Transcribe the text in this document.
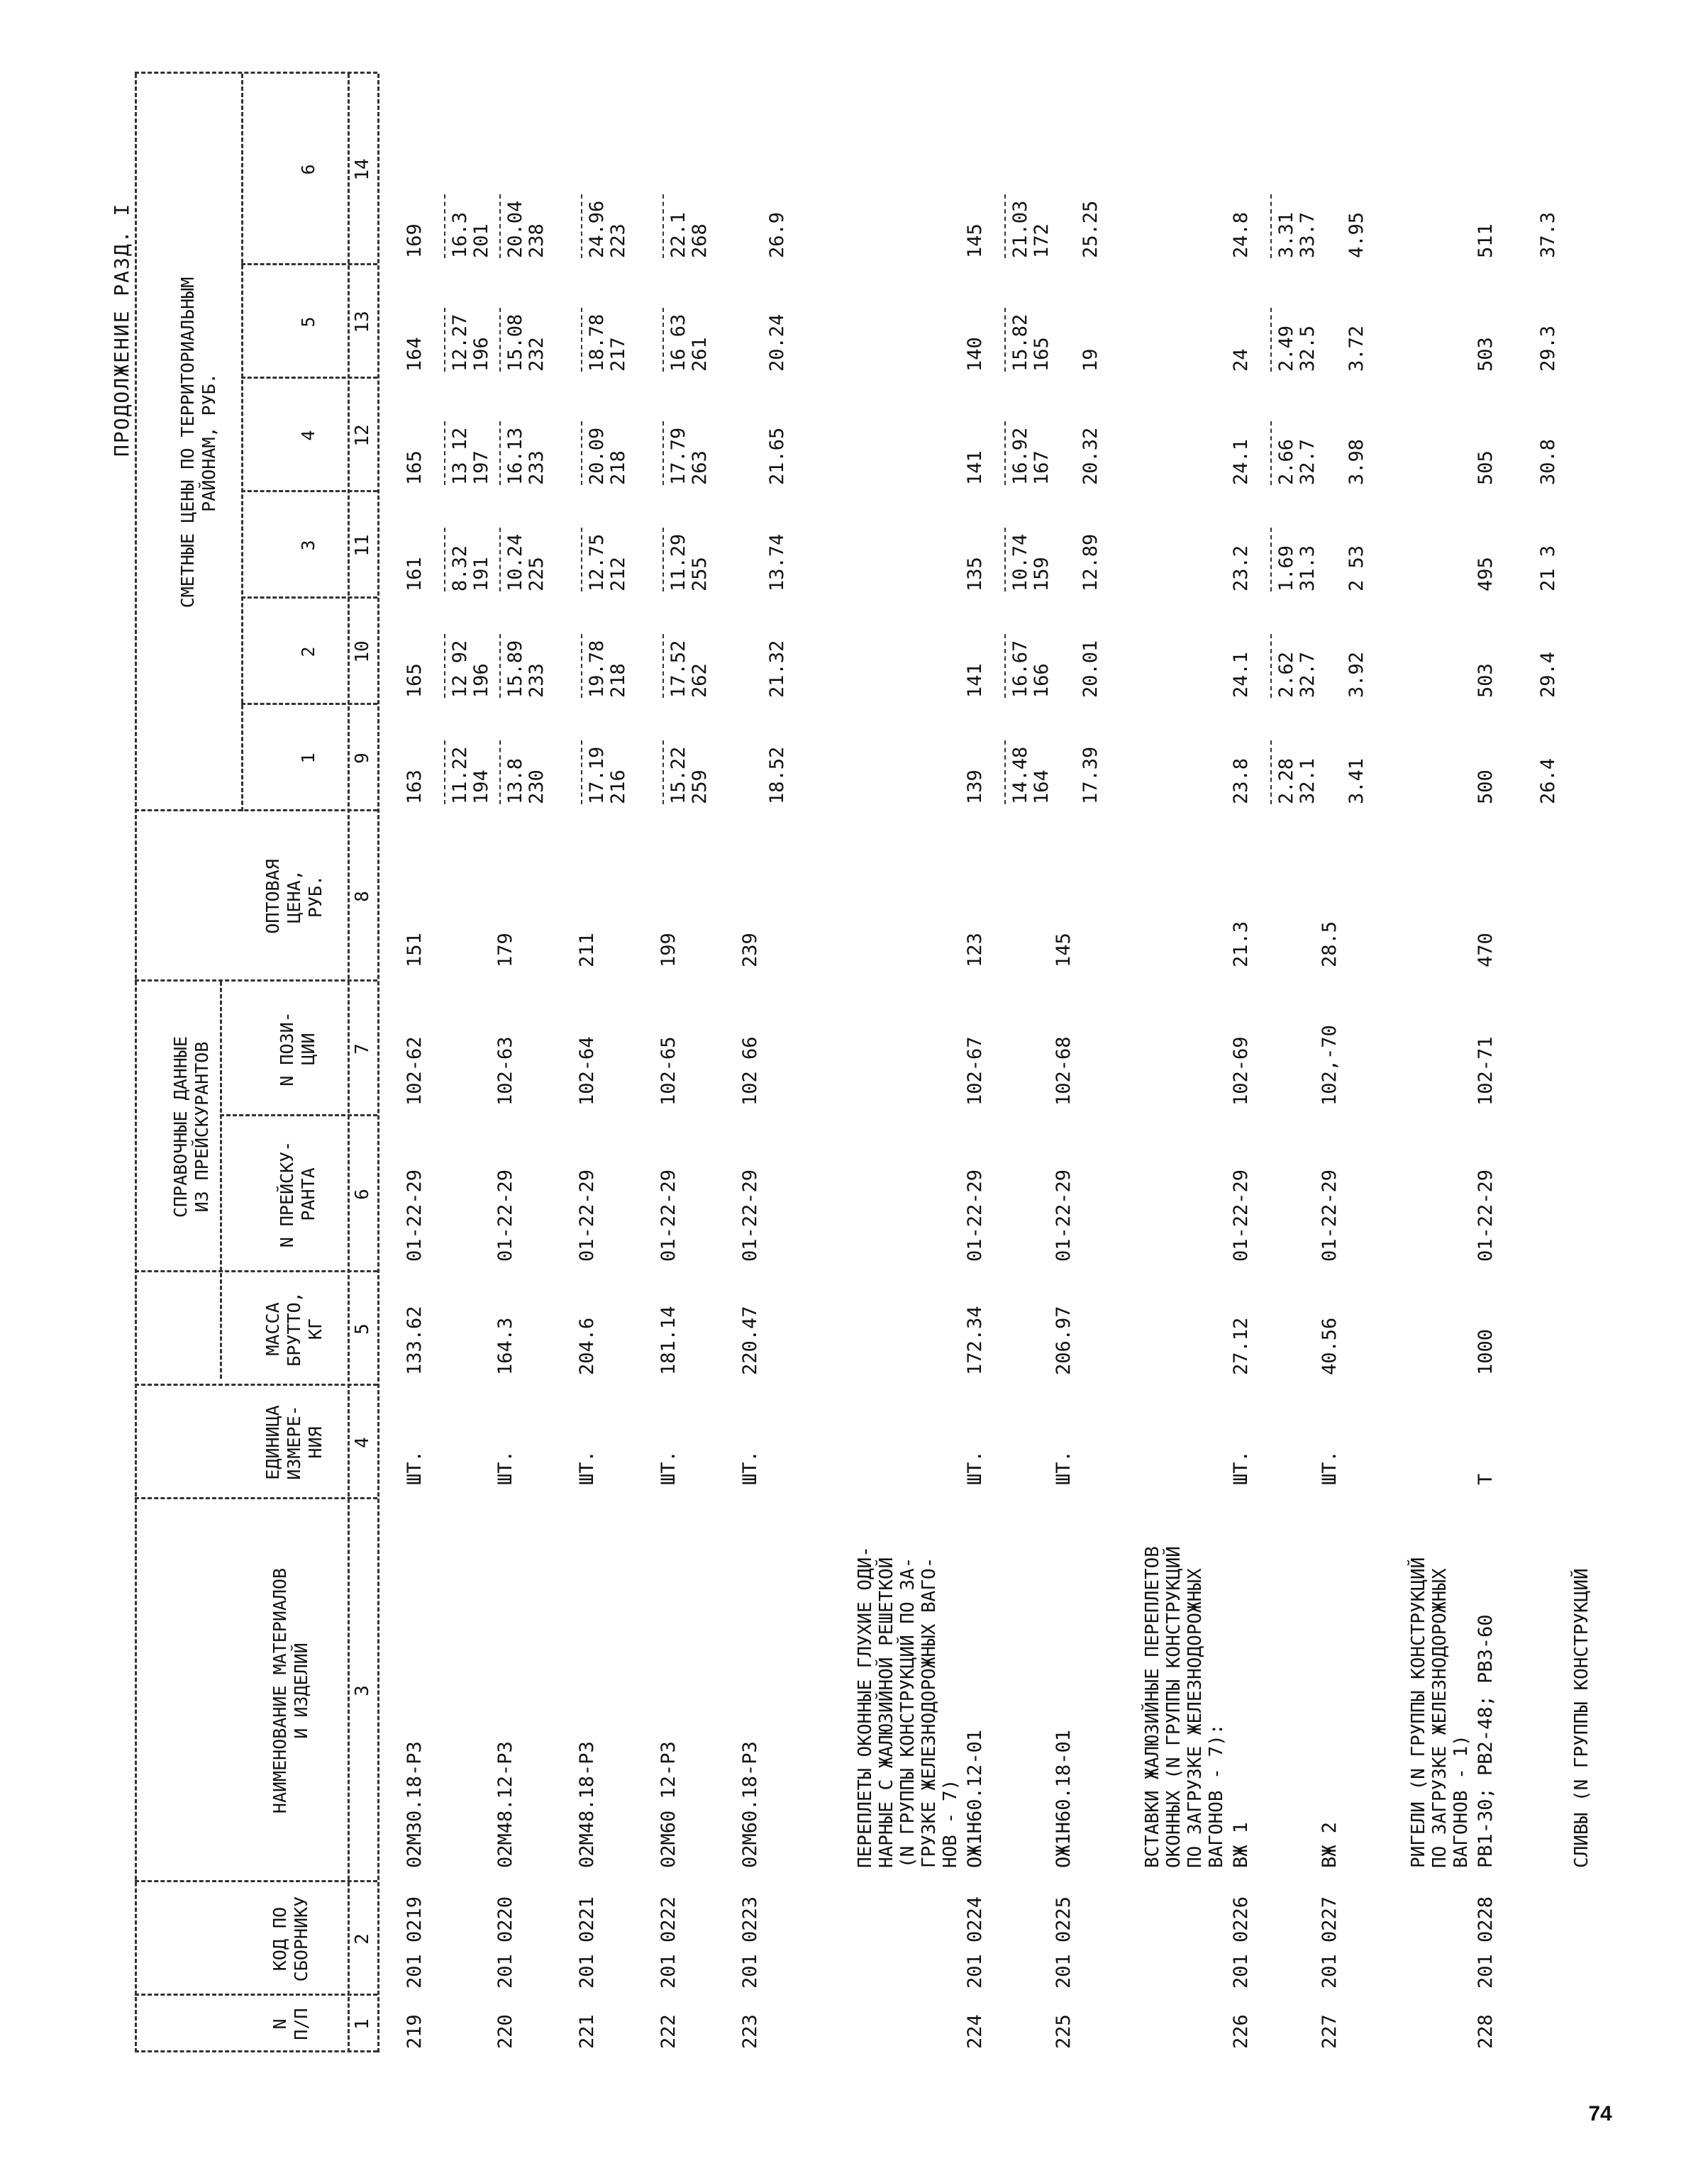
74
ПРОДОЛЖЕНИЕ РАЗД. I
N
П/П
КОД ПО
СБОРНИКУ
НАИМЕНОВАНИЕ МАТЕРИАЛОВ
И ИЗДЕЛИЙ
ЕДИНИЦА
ИЗМЕРЕ-
НИЯ
МАССА
БРУТТО,
КГ
СПРАВОЧНЫЕ ДАННЫЕ
ИЗ ПРЕЙСКУРАНТОВ
N ПРЕЙСКУ-
РАНТА
N ПОЗИ-
ЦИИ
ОПТОВАЯ
ЦЕНА,
РУБ.
СМЕТНЫЕ ЦЕНЫ ПО ТЕРРИТОРИАЛЬНЫМ
РАЙОНАМ, РУБ.
1
2
3
4
5
6
1
2
3
4
5
6
7
8
9
10
11
12
13
14
219
201 0219
02М30.18-Р3
ШТ.
133.62
01-22-29
102-62
151
163
165
161
165
164
169
11.22 194
12 92 196
8.32 191
13 12 197
12.27 196
16.3 201
220
201 0220
02М48.12-Р3
ШТ.
164.3
01-22-29
102-63
179
13.8 230
15.89 233
10.24 225
16.13 233
15.08 232
20.04 238
221
201 0221
02М48.18-Р3
ШТ.
204.6
01-22-29
102-64
211
17.19 216
19.78 218
12.75 212
20.09 218
18.78 217
24.96 223
222
201 0222
02М60 12-Р3
ШТ.
181.14
01-22-29
102-65
199
15.22 259
17.52 262
11.29 255
17.79 263
16 63 261
22.1 268
223
201 0223
02М60.18-Р3
ШТ.
220.47
01-22-29
102 66
239
18.52
21.32
13.74
21.65
20.24
26.9
ПЕРЕПЛЕТЫ ОКОННЫЕ ГЛУХИЕ ОДИ-
НАРНЫЕ С ЖАЛЮЗИЙНОЙ РЕШЕТКОЙ
(N ГРУППЫ КОНСТРУКЦИЙ ПО ЗА-
ГРУЗКЕ ЖЕЛЕЗНОДОРОЖНЫХ ВАГО-
НОВ - 7)
224
201 0224
ОЖ1Н60.12-01
ШТ.
172.34
01-22-29
102-67
123
139
141
135
141
140
145
14.48 164
16.67 166
10.74 159
16.92 167
15.82 165
21.03 172
225
201 0225
ОЖ1Н60.18-01
ШТ.
206.97
01-22-29
102-68
145
17.39
20.01
12.89
20.32
19
25.25
ВСТАВКИ ЖАЛЮЗИЙНЫЕ ПЕРЕПЛЕТОВ
ОКОННЫХ (N ГРУППЫ КОНСТРУКЦИЙ
ПО ЗАГРУЗКЕ ЖЕЛЕЗНОДОРОЖНЫХ
ВАГОНОВ - 7):
226
201 0226
ВЖ 1
ШТ.
27.12
01-22-29
102-69
21.3
23.8
24.1
23.2
24.1
24
24.8
2.28 32.1
2.62 32.7
1.69 31.3
2.66 32.7
2.49 32.5
3.31 33.7
227
201 0227
ВЖ 2
ШТ.
40.56
01-22-29
102,-70
28.5
3.41
3.92
2 53
3.98
3.72
4.95
РИГЕЛИ (N ГРУППЫ КОНСТРУКЦИЙ
ПО ЗАГРУЗКЕ ЖЕЛЕЗНОДОРОЖНЫХ
ВАГОНОВ - 1)
228
201 0228
РВ1-30; РВ2-48; РВЗ-60
Т
1000
01-22-29
102-71
470
500
503
495
505
503
511
26.4
29.4
21 3
30.8
29.3
37.3
СЛИВЫ (N ГРУППЫ КОНСТРУКЦИЙ
